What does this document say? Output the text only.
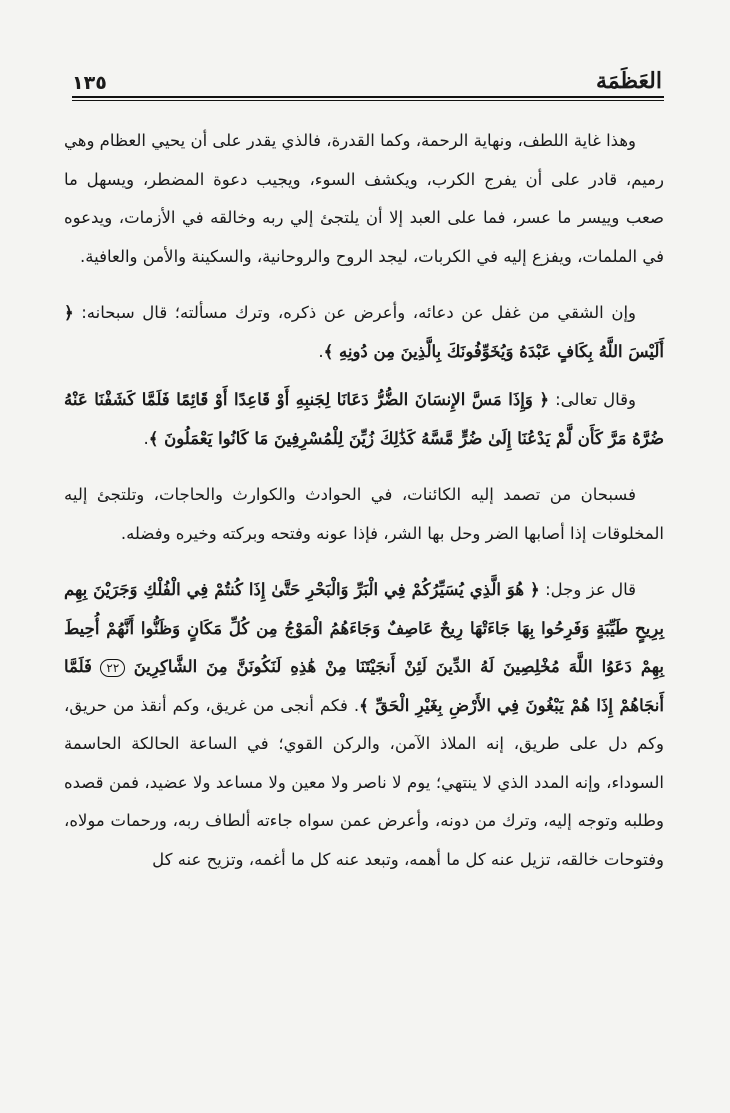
١٣٥	العَظَمَة

وهذا غاية اللطف، ونهاية الرحمة، وكما القدرة، فالذي يقدر على أن يحيي العظام وهي رميم، قادر على أن يفرج الكرب، ويكشف السوء، ويجيب دعوة المضطر، ويسهل ما صعب وييسر ما عسر، فما على العبد إلا أن يلتجئ إلي ربه وخالقه في الأزمات، ويدعوه في الملمات، ويفزع إليه في الكربات، ليجد الروح والروحانية، والسكينة والأمن والعافية.

وإن الشقي من غفل عن دعائه، وأعرض عن ذكره، وترك مسألته؛ قال سبحانه: ﴿ أَلَيْسَ اللَّهُ بِكَافٍ عَبْدَهُ وَيُخَوِّفُونَكَ بِالَّذِينَ مِن دُونِهِ ﴾.

وقال تعالى: ﴿ وَإِذَا مَسَّ الإِنسَانَ الضُّرُّ دَعَانَا لِجَنبِهِ أَوْ قَاعِدًا أَوْ قَائِمًا فَلَمَّا كَشَفْنَا عَنْهُ ضُرَّهُ مَرَّ كَأَن لَّمْ يَدْعُنَا إِلَىٰ ضُرٍّ مَّسَّهُ كَذَٰلِكَ زُيِّنَ لِلْمُسْرِفِينَ مَا كَانُوا يَعْمَلُونَ ﴾.

فسبحان من تصمد إليه الكائنات، في الحوادث والكوارث والحاجات، وتلتجئ إليه المخلوقات إذا أصابها الضر وحل بها الشر، فإذا عونه وفتحه وبركته وخيره وفضله.

قال عز وجل: ﴿ هُوَ الَّذِي يُسَيِّرُكُمْ فِي الْبَرِّ وَالْبَحْرِ حَتَّىٰ إِذَا كُنتُمْ فِي الْفُلْكِ وَجَرَيْنَ بِهِم بِرِيحٍ طَيِّبَةٍ وَفَرِحُوا بِهَا جَاءَتْهَا رِيحٌ عَاصِفٌ وَجَاءَهُمُ الْمَوْجُ مِن كُلِّ مَكَانٍ وَظَنُّوا أَنَّهُمْ أُحِيطَ بِهِمْ دَعَوُا اللَّهَ مُخْلِصِينَ لَهُ الدِّينَ لَئِنْ أَنجَيْتَنَا مِنْ هَٰذِهِ لَنَكُونَنَّ مِنَ الشَّاكِرِينَ ٢٢ فَلَمَّا أَنجَاهُمْ إِذَا هُمْ يَبْغُونَ فِي الأَرْضِ بِغَيْرِ الْحَقِّ ﴾. فكم أنجى من غريق، وكم أنقذ من حريق، وكم دل على طريق، إنه الملاذ الآمن، والركن القوي؛ في الساعة الحالكة الحاسمة السوداء، وإنه المدد الذي لا ينتهي؛ يوم لا ناصر ولا معين ولا مساعد ولا عضيد، فمن قصده وطلبه وتوجه إليه، وترك من دونه، وأعرض عمن سواه جاءته ألطاف ربه، ورحمات مولاه، وفتوحات خالقه، تزيل عنه كل ما أهمه، وتبعد عنه كل ما أغمه، وتزيح عنه كل
